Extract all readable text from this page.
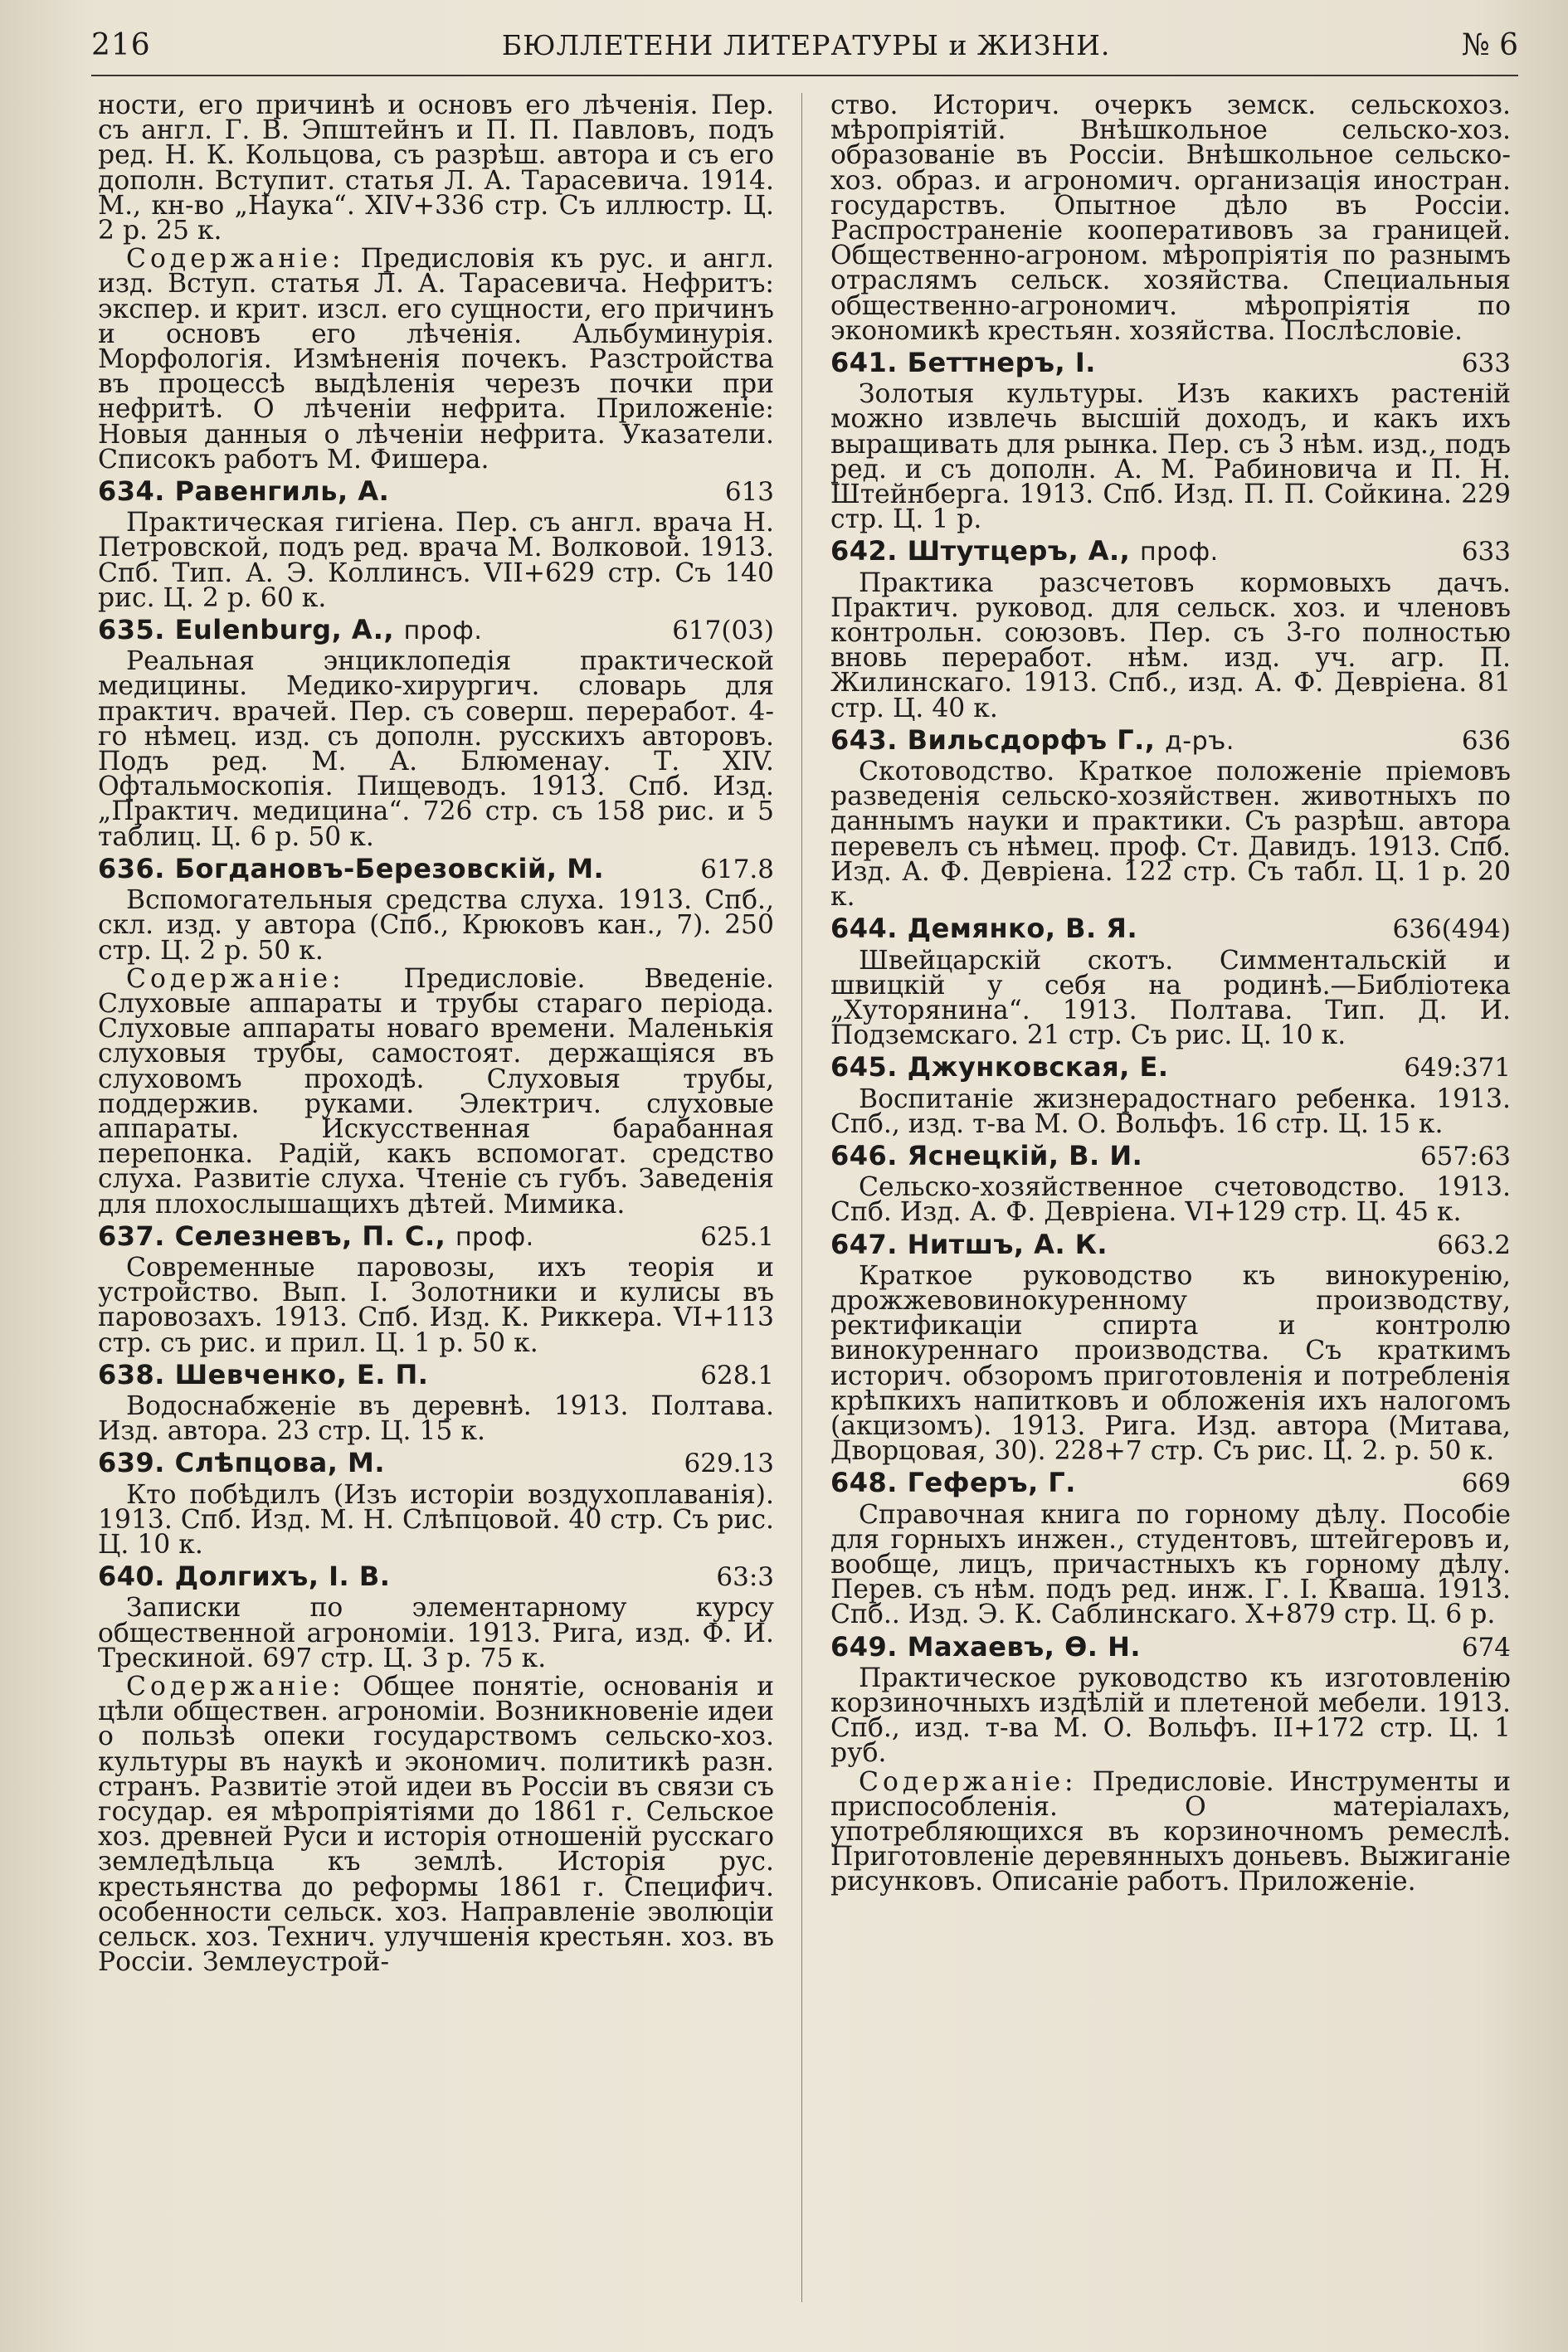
216	БЮЛЛЕТЕНИ ЛИТЕРАТУРЫ и ЖИЗНИ.	№ 6

ности, его причинѣ и основъ его лѣченія. Пер. съ англ. Г. В. Эпштейнъ и П. П. Павловъ, подъ ред. Н. К. Кольцова, съ разрѣш. автора и съ его дополн. Вступит. статья Л. А. Тарасевича. 1914. М., кн-во „Наука“. XIV+336 стр. Съ иллюстр. Ц. 2 р. 25 к.

Содержаніе: Предисловія къ рус. и англ. изд. Вступ. статья Л. А. Тарасевича. Нефритъ: экспер. и крит. изсл. его сущности, его причинъ и основъ его лѣченія. Альбуминурія. Морфологія. Измѣненія почекъ. Разстройства въ процессѣ выдѣленія черезъ почки при нефритѣ. О лѣченіи нефрита. Приложеніе: Новыя данныя о лѣченіи нефрита. Указатели. Списокъ работъ М. Фишера.

634. Равенгиль, А.	613

Практическая гигіена. Пер. съ англ. врача Н. Петровской, подъ ред. врача М. Волковой. 1913. Спб. Тип. А. Э. Коллинсъ. VII+629 стр. Съ 140 рис. Ц. 2 р. 60 к.

635. Eulenburg, A., проф.	617(03)

Реальная энциклопедія практической медицины. Медико-хирургич. словарь для практич. врачей. Пер. съ соверш. переработ. 4-го нѣмец. изд. съ дополн. русскихъ авторовъ. Подъ ред. М. А. Блюменау. Т. XIV. Офтальмоскопія. Пищеводъ. 1913. Спб. Изд. „Практич. медицина“. 726 стр. съ 158 рис. и 5 таблиц. Ц. 6 р. 50 к.

636. Богдановъ-Березовскій, М.	617.8

Вспомогательныя средства слуха. 1913. Спб., скл. изд. у автора (Спб., Крюковъ кан., 7). 250 стр. Ц. 2 р. 50 к.

Содержаніе: Предисловіе. Введеніе. Слуховые аппараты и трубы стараго періода. Слуховые аппараты новаго времени. Маленькія слуховыя трубы, самостоят. держащіяся въ слуховомъ проходѣ. Слуховыя трубы, поддержив. руками. Электрич. слуховые аппараты. Искусственная барабанная перепонка. Радій, какъ вспомогат. средство слуха. Развитіе слуха. Чтеніе съ губъ. Заведенія для плохослышащихъ дѣтей. Мимика.

637. Селезневъ, П. С., проф.	625.1

Современные паровозы, ихъ теорія и устройство. Вып. I. Золотники и кулисы въ паровозахъ. 1913. Спб. Изд. К. Риккера. VI+113 стр. съ рис. и прил. Ц. 1 р. 50 к.

638. Шевченко, Е. П.	628.1

Водоснабженіе въ деревнѣ. 1913. Полтава. Изд. автора. 23 стр. Ц. 15 к.

639. Слѣпцова, М.	629.13

Кто побѣдилъ (Изъ исторіи воздухоплаванія). 1913. Спб. Изд. М. Н. Слѣпцовой. 40 стр. Съ рис. Ц. 10 к.

640. Долгихъ, I. В.	63:3

Записки по элементарному курсу общественной агрономіи. 1913. Рига, изд. Ф. И. Трескиной. 697 стр. Ц. 3 р. 75 к.

Содержаніе: Общее понятіе, основанія и цѣли обществен. агрономіи. Возникновеніе идеи о пользѣ опеки государствомъ сельско-хоз. культуры въ наукѣ и экономич. политикѣ разн. странъ. Развитіе этой идеи въ Россіи въ связи съ государ. ея мѣропріятіями до 1861 г. Сельское хоз. древней Руси и исторія отношеній русскаго земледѣльца къ землѣ. Исторія рус. крестьянства до реформы 1861 г. Специфич. особенности сельск. хоз. Направленіе эволюціи сельск. хоз. Технич. улучшенія крестьян. хоз. въ Россіи. Землеустрой-

ство. Историч. очеркъ земск. сельскохоз. мѣропріятій. Внѣшкольное сельско-хоз. образованіе въ Россіи. Внѣшкольное сельско-хоз. образ. и агрономич. организація иностран. государствъ. Опытное дѣло въ Россіи. Распространеніе кооперативовъ за границей. Общественно-агроном. мѣропріятія по разнымъ отраслямъ сельск. хозяйства. Специальныя общественно-агрономич. мѣропріятія по экономикѣ крестьян. хозяйства. Послѣсловіе.

641. Беттнеръ, I.	633

Золотыя культуры. Изъ какихъ растеній можно извлечь высшій доходъ, и какъ ихъ выращивать для рынка. Пер. съ 3 нѣм. изд., подъ ред. и съ дополн. А. М. Рабиновича и П. Н. Штейнберга. 1913. Спб. Изд. П. П. Сойкина. 229 стр. Ц. 1 р.

642. Штутцеръ, А., проф.	633

Практика разсчетовъ кормовыхъ дачъ. Практич. руковод. для сельск. хоз. и членовъ контрольн. союзовъ. Пер. съ 3-го полностью вновь переработ. нѣм. изд. уч. агр. П. Жилинскаго. 1913. Спб., изд. А. Ф. Девріена. 81 стр. Ц. 40 к.

643. Вильсдорфъ Г., д-ръ.	636

Скотоводство. Краткое положеніе пріемовъ разведенія сельско-хозяйствен. животныхъ по даннымъ науки и практики. Съ разрѣш. автора перевелъ съ нѣмец. проф. Ст. Давидъ. 1913. Спб. Изд. А. Ф. Девріена. 122 стр. Съ табл. Ц. 1 р. 20 к.

644. Демянко, В. Я.	636(494)

Швейцарскій скотъ. Симментальскій и швицкій у себя на родинѣ.—Библіотека „Хуторянина“. 1913. Полтава. Тип. Д. И. Подземскаго. 21 стр. Съ рис. Ц. 10 к.

645. Джунковская, Е.	649:371

Воспитаніе жизнерадостнаго ребенка. 1913. Спб., изд. т-ва М. О. Вольфъ. 16 стр. Ц. 15 к.

646. Яснецкій, В. И.	657:63

Сельско-хозяйственное счетоводство. 1913. Спб. Изд. А. Ф. Девріена. VI+129 стр. Ц. 45 к.

647. Нитшъ, А. К.	663.2

Краткое руководство къ винокуренію, дрожжевовинокуренному производству, ректификаціи спирта и контролю винокуреннаго производства. Съ краткимъ историч. обзоромъ приготовленія и потребленія крѣпкихъ напитковъ и обложенія ихъ налогомъ (акцизомъ). 1913. Рига. Изд. автора (Митава, Дворцовая, 30). 228+7 стр. Съ рис. Ц. 2. р. 50 к.

648. Геферъ, Г.	669

Справочная книга по горному дѣлу. Пособіе для горныхъ инжен., студентовъ, штейгеровъ и, вообще, лицъ, причастныхъ къ горному дѣлу. Перев. съ нѣм. подъ ред. инж. Г. I. Кваша. 1913. Спб.. Изд. Э. К. Саблинскаго. X+879 стр. Ц. 6 р.

649. Махаевъ, Ѳ. Н.	674

Практическое руководство къ изготовленію корзиночныхъ издѣлій и плетеной мебели. 1913. Спб., изд. т-ва М. О. Вольфъ. II+172 стр. Ц. 1 руб.

Содержаніе: Предисловіе. Инструменты и приспособленія. О матеріалахъ, употребляющихся въ корзиночномъ ремеслѣ. Приготовленіе деревянныхъ доньевъ. Выжиганіе рисунковъ. Описаніе работъ. Приложеніе.
